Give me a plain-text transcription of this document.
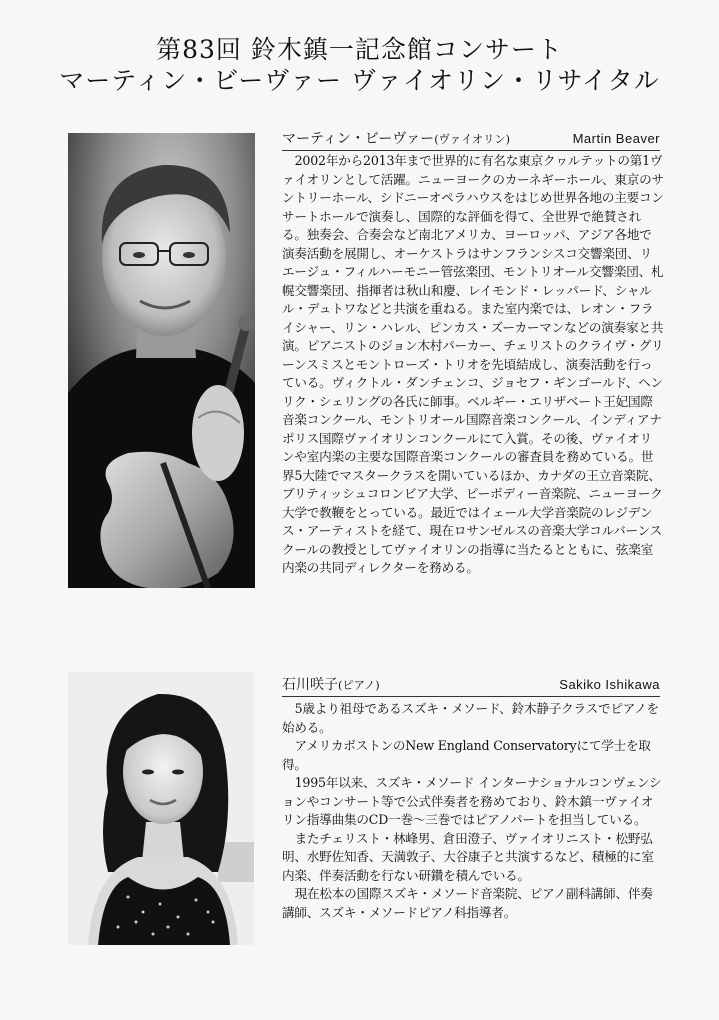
第83回 鈴木鎮一記念館コンサート
マーティン・ビーヴァー ヴァイオリン・リサイタル
マーティン・ビーヴァー(ヴァイオリン)	Martin Beaver

2002年から2013年まで世界的に有名な東京クヮルテットの第1ヴァイオリンとして活躍。ニューヨークのカーネギーホール、東京のサントリーホール、シドニーオペラハウスをはじめ世界各地の主要コンサートホールで演奏し、国際的な評価を得て、全世界で絶賛される。独奏会、合奏会など南北アメリカ、ヨーロッパ、アジア各地で演奏活動を展開し、オーケストラはサンフランシスコ交響楽団、リエージュ・フィルハーモニー管弦楽団、モントリオール交響楽団、札幌交響楽団、指揮者は秋山和慶、レイモンド・レッパード、シャルル・デュトワなどと共演を重ねる。また室内楽では、レオン・フライシャー、リン・ハレル、ピンカス・ズーカーマンなどの演奏家と共演。ピアニストのジョン木村パーカー、チェリストのクライヴ・グリーンスミスとモントローズ・トリオを先頃結成し、演奏活動を行っている。ヴィクトル・ダンチェンコ、ジョセフ・ギンゴールド、ヘンリク・シェリングの各氏に師事。ベルギー・エリザベート王妃国際音楽コンクール、モントリオール国際音楽コンクール、インディアナポリス国際ヴァイオリンコンクールにて入賞。その後、ヴァイオリンや室内楽の主要な国際音楽コンクールの審査員を務めている。世界5大陸でマスタークラスを開いているほか、カナダの王立音楽院、ブリティッシュコロンビア大学、ピーボディー音楽院、ニューヨーク大学で教鞭をとっている。最近ではイェール大学音楽院のレジデンス・アーティストを経て、現在ロサンゼルスの音楽大学コルバーンスクールの教授としてヴァイオリンの指導に当たるとともに、弦楽室内楽の共同ディレクターを務める。

石川咲子(ピアノ)	Sakiko Ishikawa

5歳より祖母であるスズキ・メソード、鈴木静子クラスでピアノを始める。

アメリカボストンのNew England Conservatoryにて学士を取得。

1995年以来、スズキ・メソード インターナショナルコンヴェンションやコンサート等で公式伴奏者を務めており、鈴木鎮一ヴァイオリン指導曲集のCD一巻〜三巻ではピアノパートを担当している。

またチェリスト・林峰男、倉田澄子、ヴァイオリニスト・松野弘明、水野佐知香、天満敦子、大谷康子と共演するなど、積極的に室内楽、伴奏活動を行ない研鑽を積んでいる。

現在松本の国際スズキ・メソード音楽院、ピアノ副科講師、伴奏講師、スズキ・メソードピアノ科指導者。
